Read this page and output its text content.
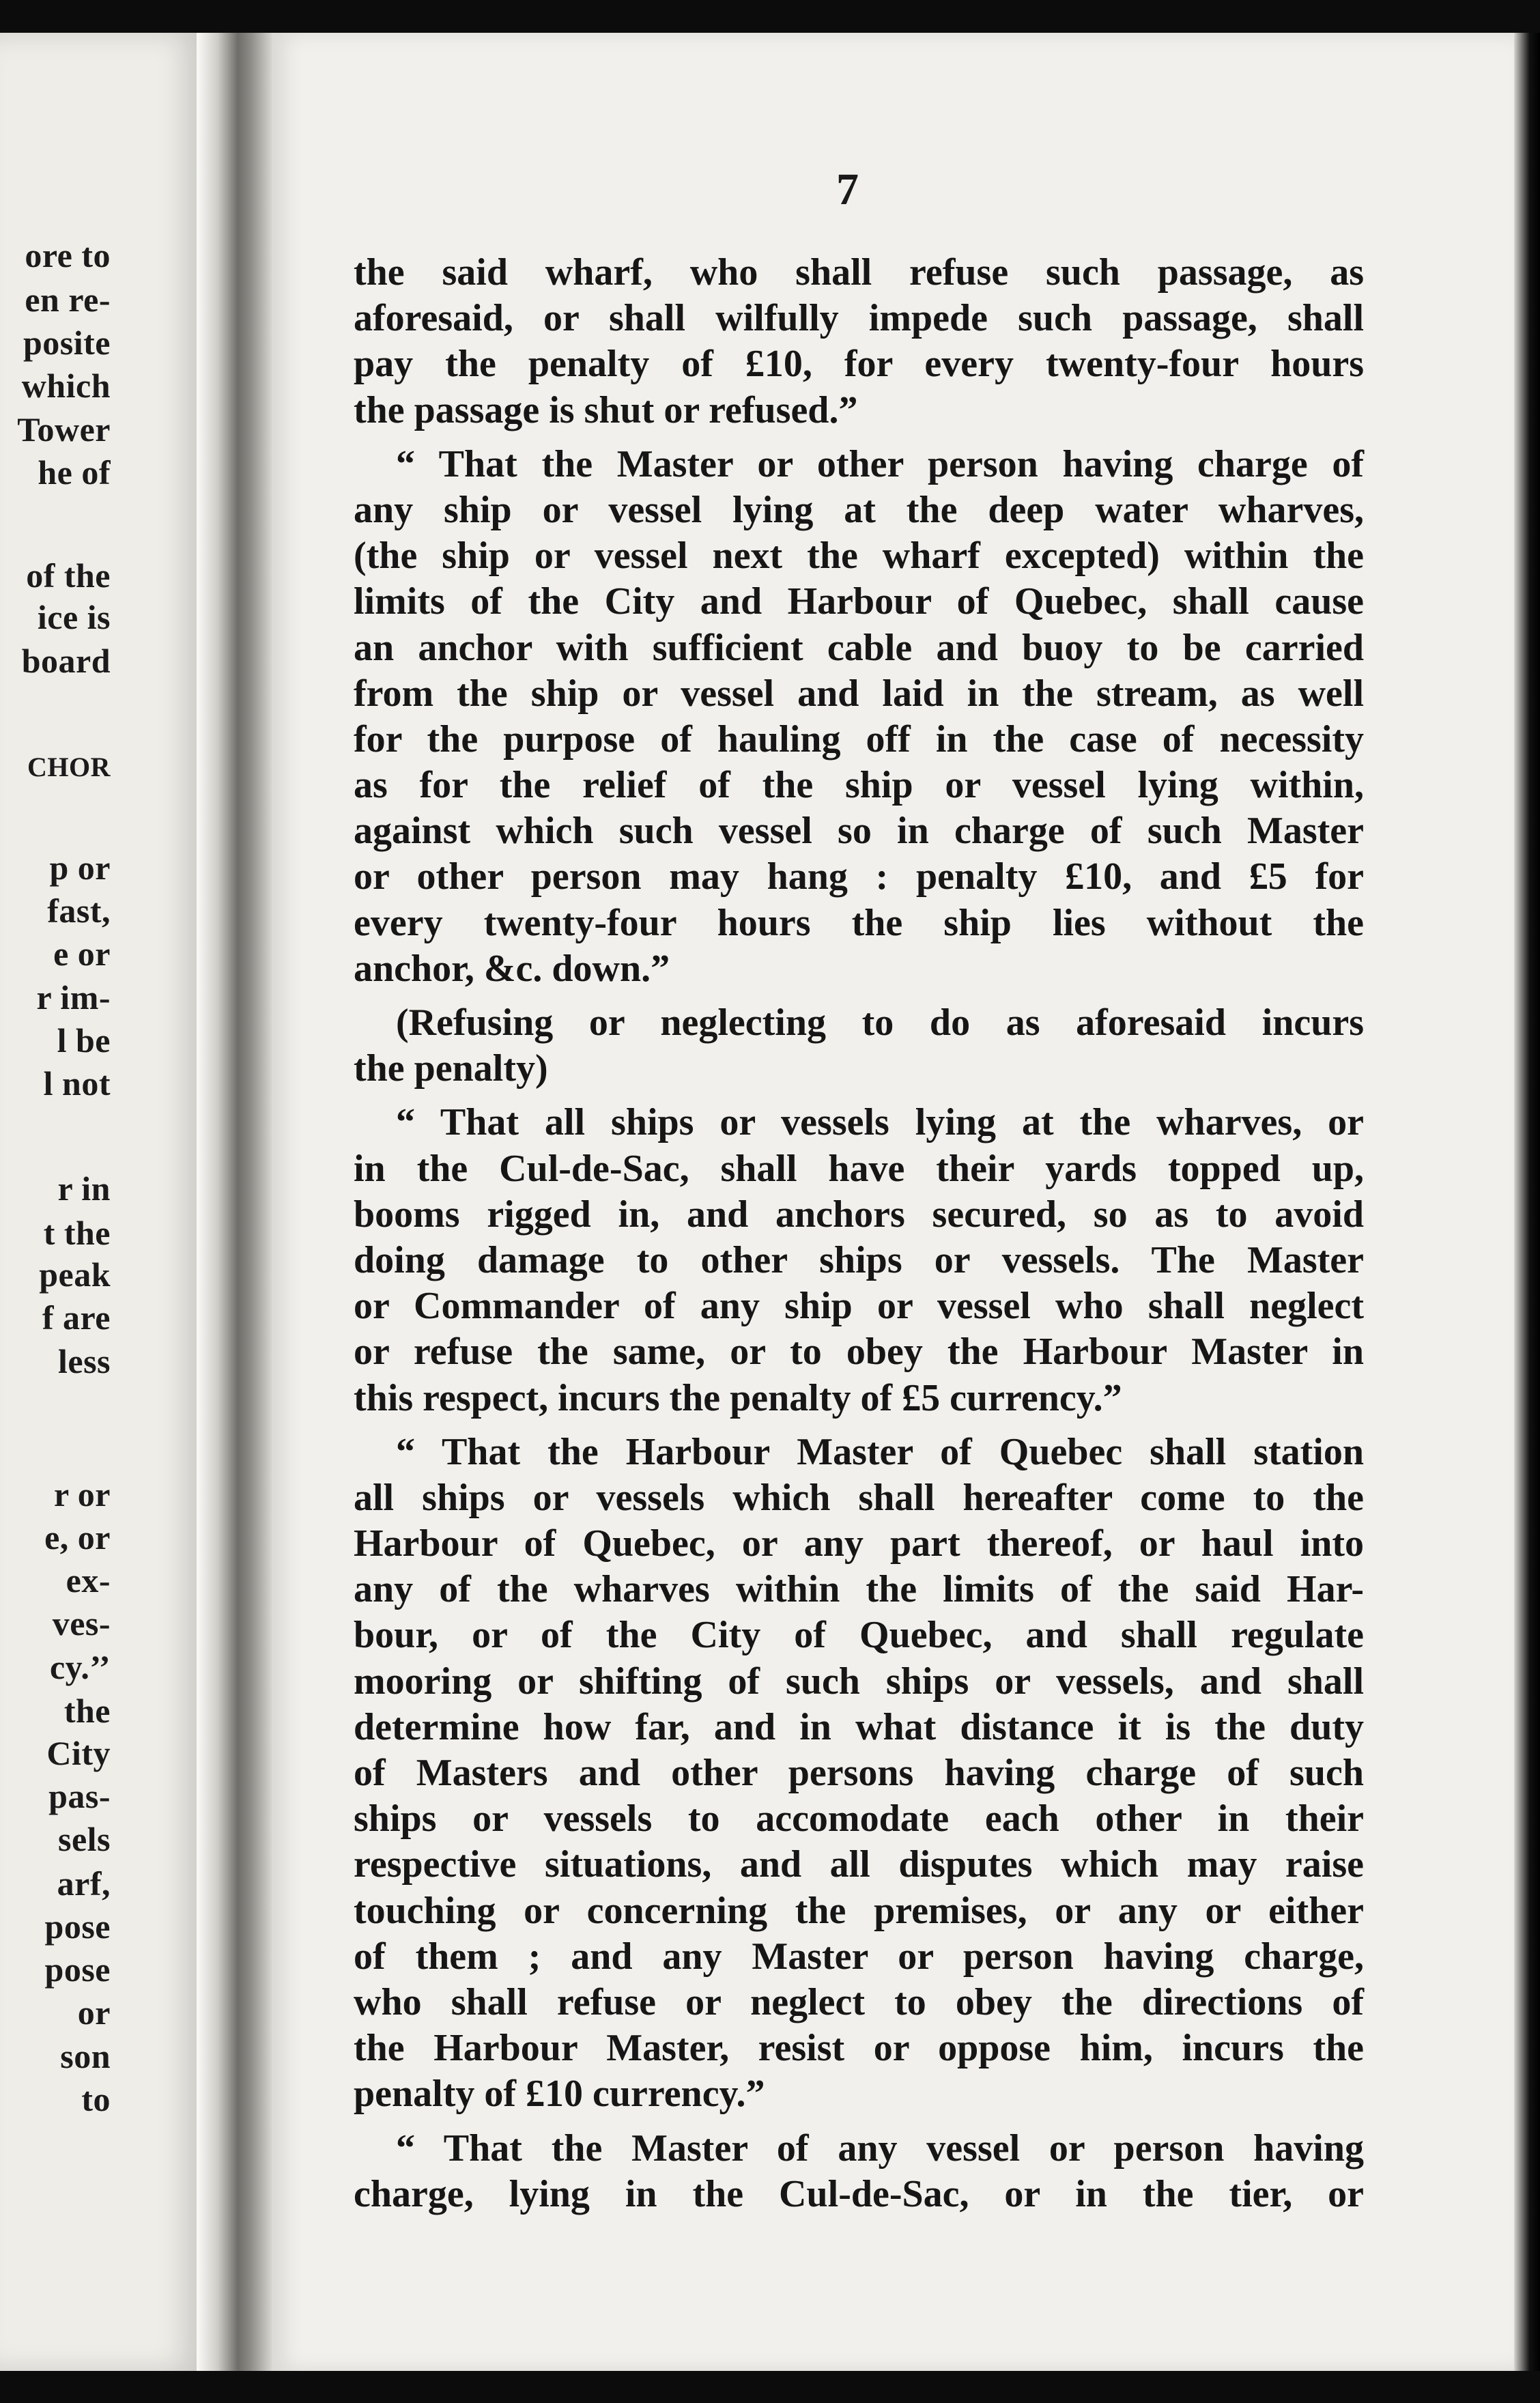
ore to
en re-
posite
which
Tower
he of
of the
ice is
board
CHOR
p or
fast,
e or
r im-
l be
l not
r in
t the
peak
f are
less
r or
e, or
ex-
ves-
cy.’’
the
City
pas-
sels
arf,
pose
pose
or
son
to
7
the said wharf, who shall refuse such passage, as
aforesaid, or shall wilfully impede such passage, shall
pay the penalty of £10, for every twenty-four hours
the passage is shut or refused.”
“ That the Master or other person having charge of
any ship or vessel lying at the deep water wharves,
(the ship or vessel next the wharf excepted) within the
limits of the City and Harbour of Quebec, shall cause
an anchor with sufficient cable and buoy to be carried
from the ship or vessel and laid in the stream, as well
for the purpose of hauling off in the case of necessity
as for the relief of the ship or vessel lying within,
against which such vessel so in charge of such Master
or other person may hang : penalty £10, and £5 for
every twenty-four hours the ship lies without the
anchor, &c. down.”
(Refusing or neglecting to do as aforesaid incurs
the penalty)
“ That all ships or vessels lying at the wharves, or
in the Cul-de-Sac, shall have their yards topped up,
booms rigged in, and anchors secured, so as to avoid
doing damage to other ships or vessels. The Master
or Commander of any ship or vessel who shall neglect
or refuse the same, or to obey the Harbour Master in
this respect, incurs the penalty of £5 currency.”
“ That the Harbour Master of Quebec shall station
all ships or vessels which shall hereafter come to the
Harbour of Quebec, or any part thereof, or haul into
any of the wharves within the limits of the said Har-
bour, or of the City of Quebec, and shall regulate
mooring or shifting of such ships or vessels, and shall
determine how far, and in what distance it is the duty
of Masters and other persons having charge of such
ships or vessels to accomodate each other in their
respective situations, and all disputes which may raise
touching or concerning the premises, or any or either
of them ; and any Master or person having charge,
who shall refuse or neglect to obey the directions of
the Harbour Master, resist or oppose him, incurs the
penalty of £10 currency.”
“ That the Master of any vessel or person having
charge, lying in the Cul-de-Sac, or in the tier, or
